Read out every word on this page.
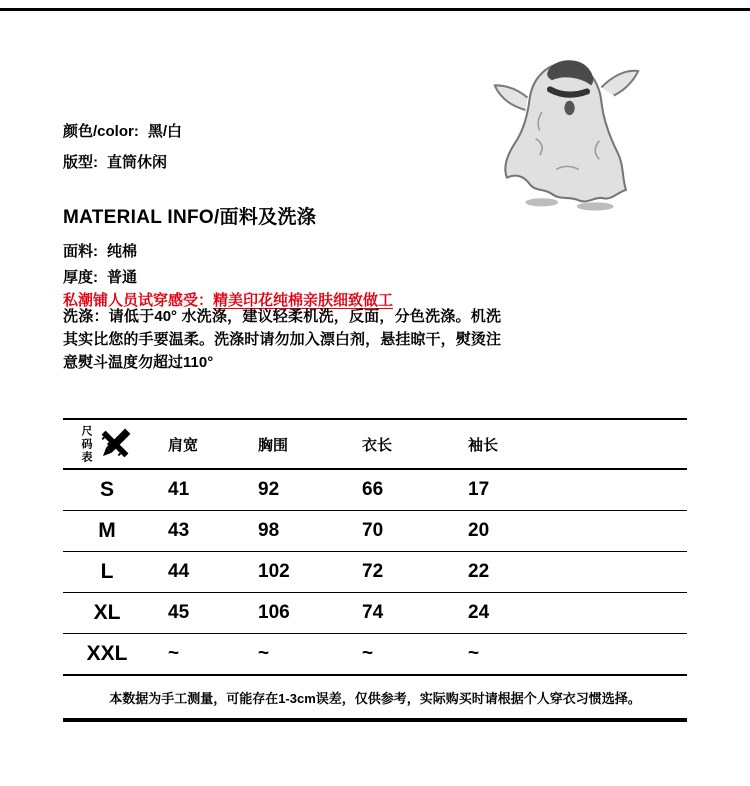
颜色/color: 黑/白
版型: 直筒休闲
MATERIAL INFO/面料及洗涤
面料: 纯棉
厚度: 普通
私潮铺人员试穿感受：精美印花纯棉亲肤细致做工

洗涤：请低于40° 水洗涤，建议轻柔机洗，反面，分色洗涤。机洗其实比您的手要温柔。洗涤时请勿加入漂白剂，悬挂晾干，熨烫注意熨斗温度勿超过110°

尺码表	肩宽	胸围	衣长	袖长
S	41	92	66	17
M	43	98	70	20
L	44	102	72	22
XL	45	106	74	24
XXL	~	~	~	~
本数据为手工测量，可能存在1-3cm误差，仅供参考，实际购买时请根据个人穿衣习惯选择。
